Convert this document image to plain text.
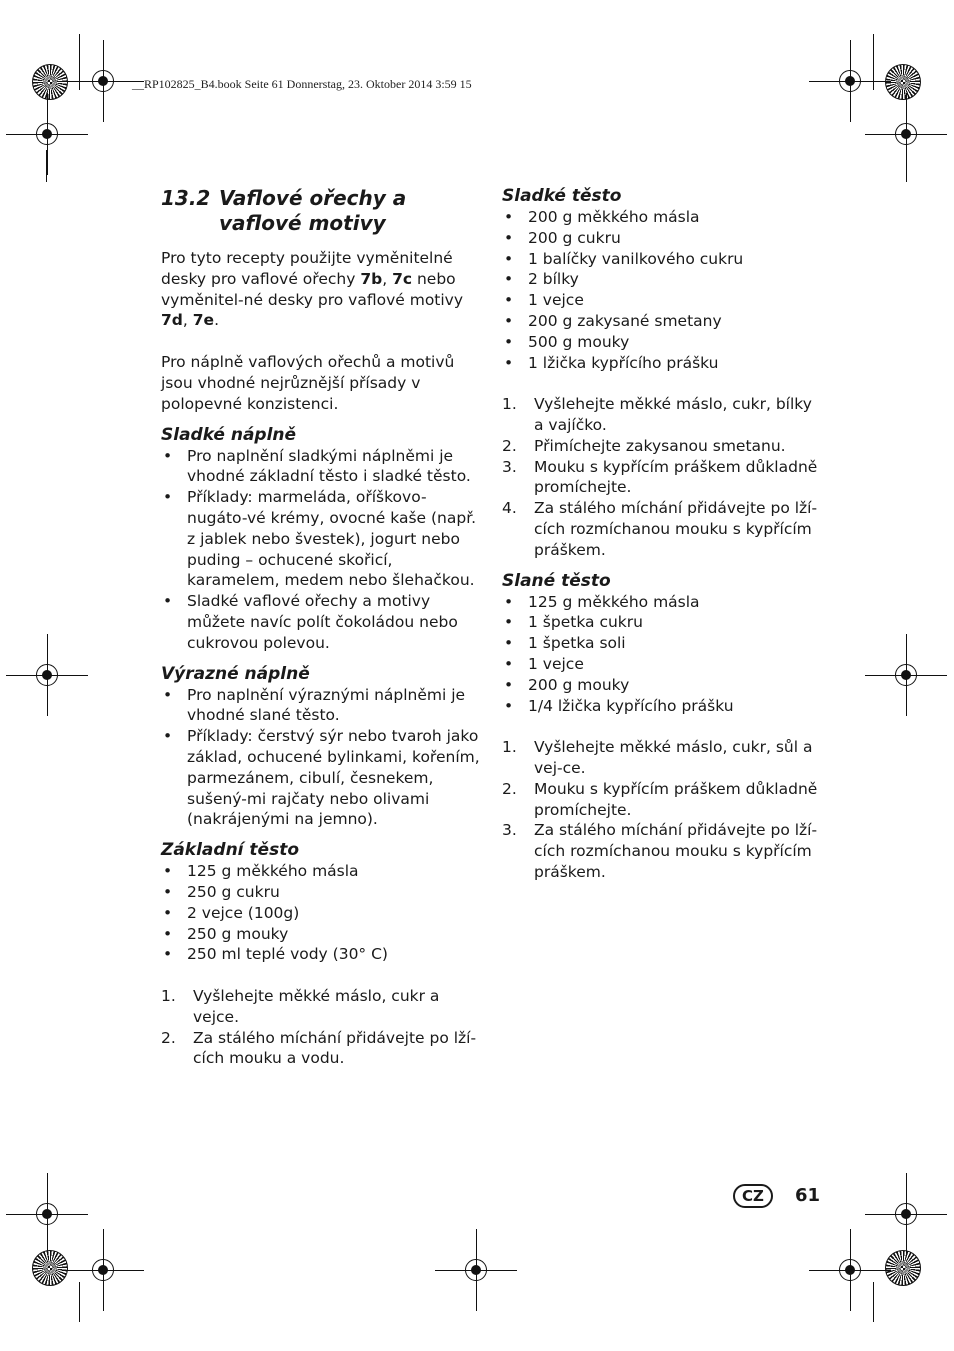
__RP102825_B4.book Seite 61 Donnerstag, 23. Oktober 2014 3:59 15
13.2 Vaflové ořechy a
vaflové motivy

Pro tyto recepty použijte vyměnitelné desky pro vaflové ořechy 7b, 7c nebo vyměnitel-né desky pro vaflové motivy 7d, 7e.

Pro náplně vaflových ořechů a motivů jsou vhodné nejrůznější přísady v polopevné konzistenci.

Sladké náplně
• Pro naplnění sladkými náplněmi je vhodné základní těsto i sladké těsto.
• Příklady: marmeláda, oříškovo-nugáto-vé krémy, ovocné kaše (např. z jablek nebo švestek), jogurt nebo puding – ochucené skořicí, karamelem, medem nebo šlehačkou.
• Sladké vaflové ořechy a motivy můžete navíc polít čokoládou nebo cukrovou polevou.
Výrazné náplně
• Pro naplnění výraznými náplněmi je vhodné slané těsto.
• Příklady: čerstvý sýr nebo tvaroh jako základ, ochucené bylinkami, kořením, parmezánem, cibulí, česnekem, sušený-mi rajčaty nebo olivami (nakrájenými na jemno).
Základní těsto
• 125 g měkkého másla
• 250 g cukru
• 2 vejce (100g)
• 250 g mouky
• 250 ml teplé vody (30° C)
1. Vyšlehejte měkké máslo, cukr a vejce.
2. Za stálého míchání přidávejte po lží-cích mouku a vodu.
Sladké těsto
• 200 g měkkého másla
• 200 g cukru
• 1 balíčky vanilkového cukru
• 2 bílky
• 1 vejce
• 200 g zakysané smetany
• 500 g mouky
• 1 lžička kypřícího prášku
1. Vyšlehejte měkké máslo, cukr, bílky a vajíčko.
2. Přimíchejte zakysanou smetanu.
3. Mouku s kypřícím práškem důkladně promíchejte.
4. Za stálého míchání přidávejte po lží-cích rozmíchanou mouku s kypřícím práškem.
Slané těsto
• 125 g měkkého másla
• 1 špetka cukru
• 1 špetka soli
• 1 vejce
• 200 g mouky
• 1/4 lžička kypřícího prášku
1. Vyšlehejte měkké máslo, cukr, sůl a vej-ce.
2. Mouku s kypřícím práškem důkladně promíchejte.
3. Za stálého míchání přidávejte po lží-cích rozmíchanou mouku s kypřícím práškem.
CZ	61
